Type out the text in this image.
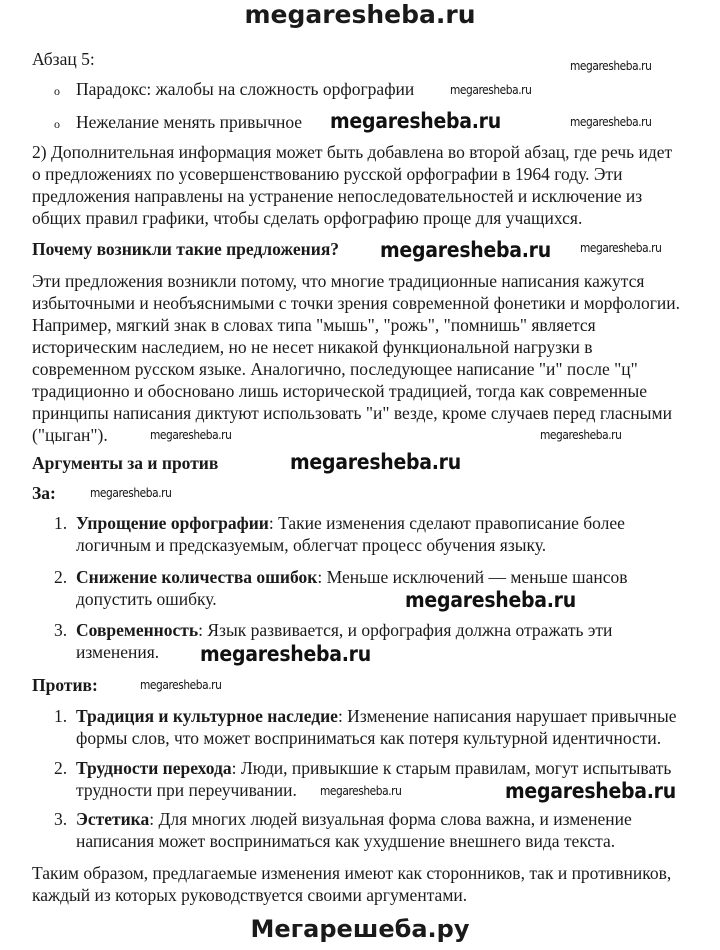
megaresheba.ru
Абзац 5:
o Парадокс: жалобы на сложность орфографии
o Нежелание менять привычное
2) Дополнительная информация может быть добавлена во второй абзац, где речь идет
о предложениях по усовершенствованию русской орфографии в 1964 году. Эти
предложения направлены на устранение непоследовательностей и исключение из
общих правил графики, чтобы сделать орфографию проще для учащихся.
Почему возникли такие предложения?
Эти предложения возникли потому, что многие традиционные написания кажутся
избыточными и необъяснимыми с точки зрения современной фонетики и морфологии.
Например, мягкий знак в словах типа "мышь", "рожь", "помнишь" является
историческим наследием, но не несет никакой функциональной нагрузки в
современном русском языке. Аналогично, последующее написание "и" после "ц"
традиционно и обосновано лишь исторической традицией, тогда как современные
принципы написания диктуют использовать "и" везде, кроме случаев перед гласными
("цыган").
Аргументы за и против
За:
1. Упрощение орфографии: Такие изменения сделают правописание более
логичным и предсказуемым, облегчат процесс обучения языку.
2. Снижение количества ошибок: Меньше исключений — меньше шансов
допустить ошибку.
3. Современность: Язык развивается, и орфография должна отражать эти
изменения.
Против:
1. Традиция и культурное наследие: Изменение написания нарушает привычные
формы слов, что может восприниматься как потеря культурной идентичности.
2. Трудности перехода: Люди, привыкшие к старым правилам, могут испытывать
трудности при переучивании.
3. Эстетика: Для многих людей визуальная форма слова важна, и изменение
написания может восприниматься как ухудшение внешнего вида текста.
Таким образом, предлагаемые изменения имеют как сторонников, так и противников,
каждый из которых руководствуется своими аргументами.
Мегарешеба.ру
megaresheba.ru
megaresheba.ru
megaresheba.ru	megaresheba.ru
megaresheba.ru
megaresheba.ru
megaresheba.ru	megaresheba.ru
megaresheba.ru
megaresheba.ru
megaresheba.ru
megaresheba.ru
megaresheba.ru
megaresheba.ru
megaresheba.ru
